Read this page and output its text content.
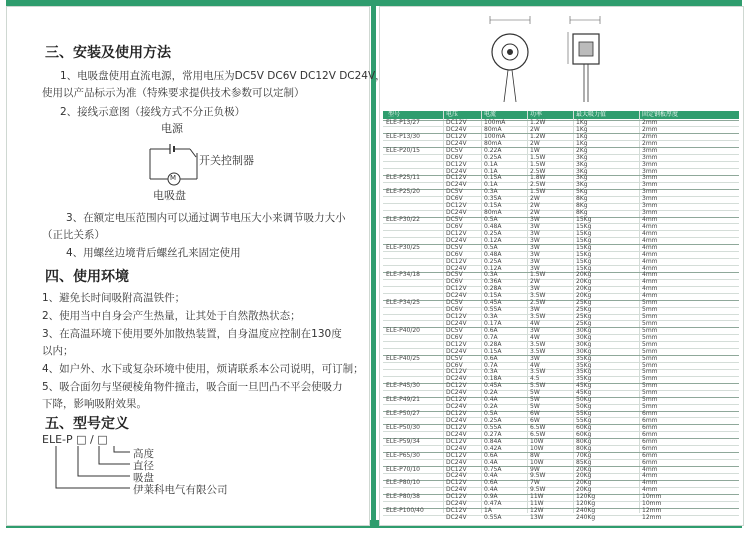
三、安装及使用方法
1、电吸盘使用直流电源，常用电压为DC5V DC6V DC12V DC24V，
使用以产品标示为准（特殊要求提供技术参数可以定制）
2、接线示意图（接线方式不分正负极）
电源
开关控制器
M
电吸盘
3、在额定电压范围内可以通过调节电压大小来调节吸力大小
（正比关系）
4、用螺丝边境背后螺丝孔来固定使用
四、使用环境
1、避免长时间吸附高温铁件；
2、使用当中自身会产生热量，让其处于自然散热状态；
3、在高温环境下使用要外加散热装置，自身温度应控制在130度
以内；
4、如户外、水下或复杂环境中使用，烦请联系本公司说明，可订制；
5、吸合面勿与坚硬棱角物件撞击，吸合面一旦凹凸不平会使吸力
下降，影响吸附效果。
五、型号定义
ELE-P □ / □
高度
直径
吸盘
伊莱科电气有限公司
型号	电压	电流	功率	最大吸力值	固定钢板厚度
ELE-P13/27	DC12V	100mA	1.2W	1Kg	2mm
DC24V	80mA	2W	1Kg	2mm
ELE-P13/30	DC12V	100mA	1.2W	1Kg	2mm
DC24V	80mA	2W	1Kg	2mm
ELE-P20/15	DC5V	0.22A	1W	2Kg	3mm
DC6V	0.25A	1.5W	3Kg	3mm
DC12V	0.1A	1.5W	3Kg	3mm
DC24V	0.1A	2.5W	3Kg	3mm
ELE-P25/11	DC12V	0.15A	1.8W	3Kg	3mm
DC24V	0.1A	2.5W	3Kg	3mm
ELE-P25/20	DC5V	0.3A	1.5W	5Kg	3mm
DC6V	0.35A	2W	8Kg	3mm
DC12V	0.15A	2W	8Kg	3mm
DC24V	80mA	2W	8Kg	3mm
ELE-P30/22	DC5V	0.5A	3W	15Kg	4mm
DC6V	0.48A	3W	15Kg	4mm
DC12V	0.25A	3W	15Kg	4mm
DC24V	0.12A	3W	15Kg	4mm
ELE-P30/25	DC5V	0.5A	3W	15Kg	4mm
DC6V	0.48A	3W	15Kg	4mm
DC12V	0.25A	3W	15Kg	4mm
DC24V	0.12A	3W	15Kg	4mm
ELE-P34/18	DC5V	0.3A	1.5W	20Kg	4mm
DC6V	0.36A	2W	20Kg	4mm
DC12V	0.28A	3W	20Kg	4mm
DC24V	0.15A	3.5W	20Kg	4mm
ELE-P34/25	DC5V	0.45A	2.5W	25Kg	5mm
DC6V	0.55A	3W	25Kg	5mm
DC12V	0.3A	3.5W	25Kg	5mm
DC24V	0.17A	4W	25Kg	5mm
ELE-P40/20	DC5V	0.6A	3W	30Kg	5mm
DC6V	0.7A	4W	30Kg	5mm
DC12V	0.28A	3.5W	30Kg	5mm
DC24V	0.15A	3.5W	30Kg	5mm
ELE-P40/25	DC5V	0.6A	3W	35Kg	5mm
DC6V	0.7A	4W	35Kg	5mm
DC12V	0.3A	3.5W	35Kg	5mm
DC24V	0.18A	4.5	35Kg	5mm
ELE-P45/30	DC12V	0.45A	5.5W	45Kg	5mm
DC24V	0.2A	5W	45Kg	5mm
ELE-P49/21	DC12V	0.4A	5W	50Kg	5mm
DC24V	0.2A	5W	50Kg	5mm
ELE-P50/27	DC12V	0.5A	6W	55Kg	6mm
DC24V	0.25A	6W	55Kg	6mm
ELE-P50/30	DC12V	0.55A	6.5W	60Kg	6mm
DC24V	0.27A	6.5W	60Kg	6mm
ELE-P59/34	DC12V	0.84A	10W	80Kg	6mm
DC24V	0.42A	10W	80Kg	6mm
ELE-P65/30	DC12V	0.6A	8W	70Kg	6mm
DC24V	0.4A	10W	85Kg	6mm
ELE-P70/10	DC12V	0.75A	9W	20Kg	4mm
DC24V	0.4A	9.5W	20Kg	4mm
ELE-P80/10	DC12V	0.6A	7W	20Kg	4mm
DC24V	0.4A	9.5W	20Kg	4mm
ELE-P80/38	DC12V	0.9A	11W	120Kg	10mm
DC24V	0.47A	11W	120Kg	10mm
ELE-P100/40	DC12V	1A	12W	240Kg	12mm
DC24V	0.55A	13W	240Kg	12mm
